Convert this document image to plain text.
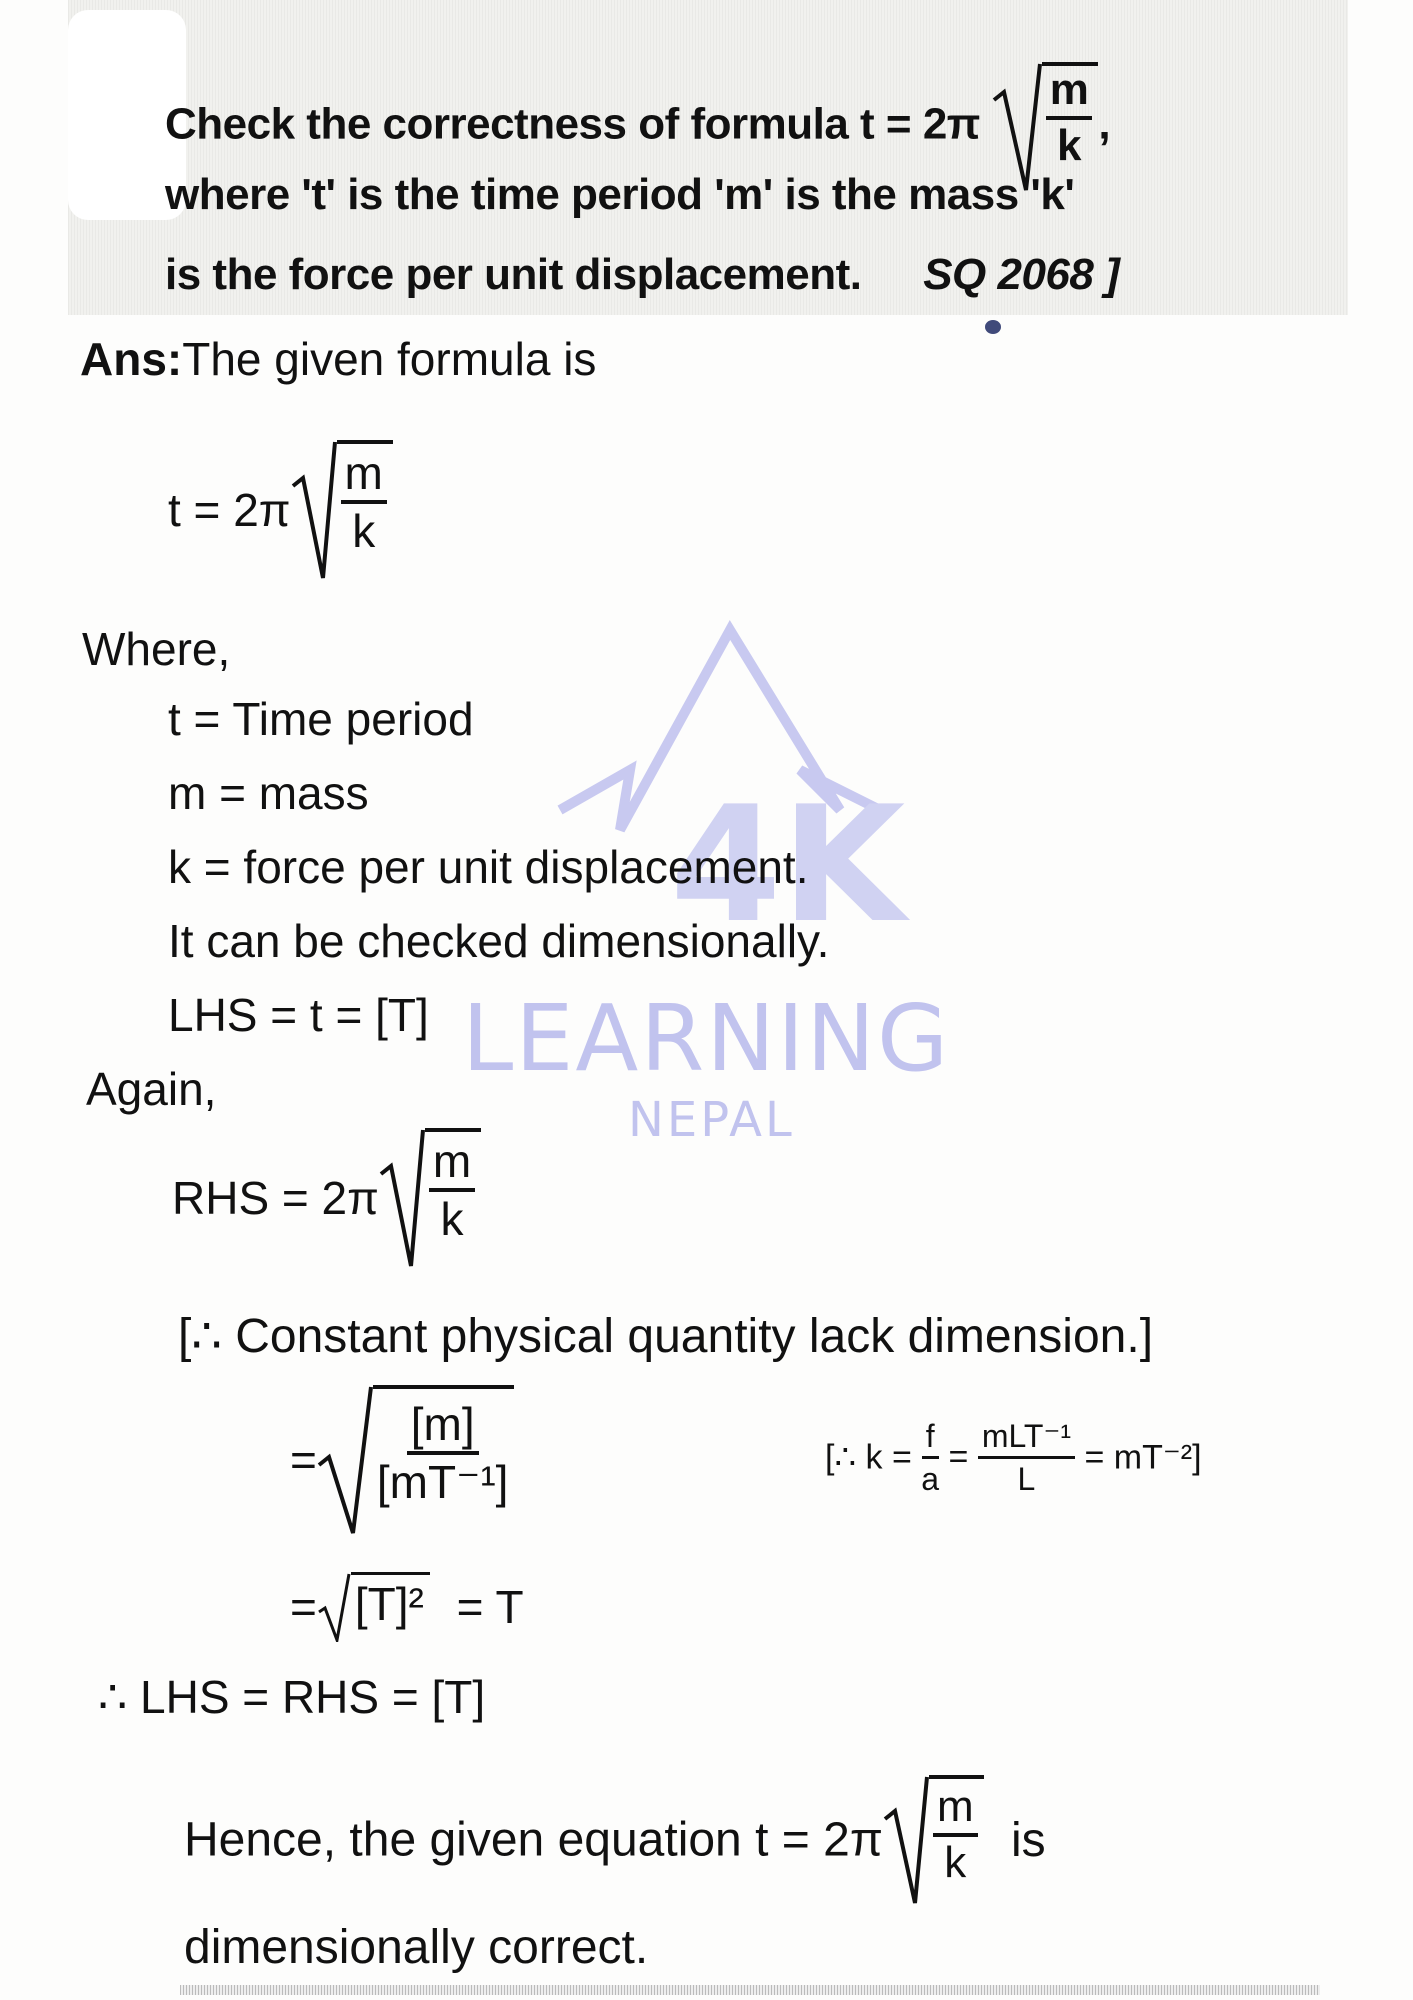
Check the correctness of formula $t = 2\pi \frac{m}{k}$ ,
where 't' is the time period 'm' is the mass 'k'
is the force per unit displacement. SQ 2068 ]
4K
LEARNING
NEPAL
Ans:The given formula is
$t = 2\pi \frac{m}{k}$
Where,
t = Time period
m = mass
k = force per unit displacement.
It can be checked dimensionally.
LHS = t = [T]
Again,
RHS = $2\pi \frac{m}{k}$
[∴ Constant physical quantity lack dimension.]
= $\frac{[m]}{\text{[mT⁻¹]}}$	[∴ $k = \frac{f}{a} = \frac{\text{mLT⁻¹}}{L} = mT^{-2}$]
= [T]² = T
∴ LHS = RHS = [T]
Hence, the given equation $t = 2\pi \frac{m}{k}$ is
dimensionally correct.
